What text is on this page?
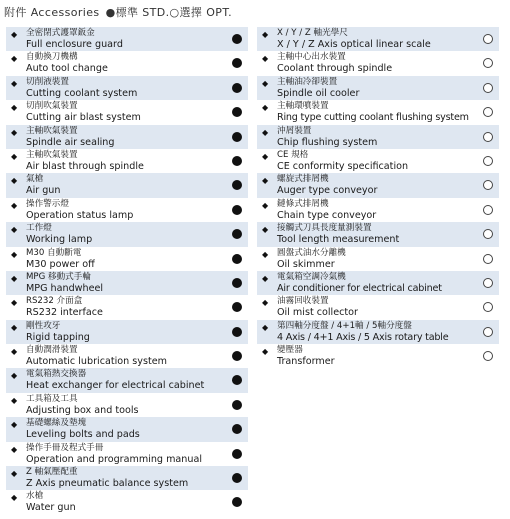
附件 Accessories ● 標準 STD. ○ 選擇 OPT.
◆ 全密閉式護罩鈑金
Full enclosure guard
◆ 自動換刀機構
Auto tool change
◆ 切削液裝置
Cutting coolant system
◆ 切削吹氣裝置
Cutting air blast system
◆ 主軸吹氣裝置
Spindle air sealing
◆ 主軸吹氣裝置
Air blast through spindle
◆ 氣槍
Air gun
◆ 操作警示燈
Operation status lamp
◆ 工作燈
Working lamp
◆ M30 自動斷電
M30 power off
◆ MPG 移動式手輪
MPG handwheel
◆ RS232 介面盒
RS232 interface
◆ 剛性攻牙
Rigid tapping
◆ 自動潤滑裝置
Automatic lubrication system
◆ 電氣箱熱交換器
Heat exchanger for electrical cabinet
◆ 工具箱及工具
Adjusting box and tools
◆ 基礎螺絲及墊塊
Leveling bolts and pads
◆ 操作手冊及程式手冊
Operation and programming manual
◆ Z 軸氣壓配重
Z Axis pneumatic balance system
◆ 水槍
Water gun
◆ X / Y / Z 軸光學尺
X / Y / Z Axis optical linear scale
◆ 主軸中心出水裝置
Coolant through spindle
◆ 主軸油冷卻裝置
Spindle oil cooler
◆ 主軸環噴裝置
Ring type cutting coolant flushing system
◆ 沖屑裝置
Chip flushing system
◆ CE 規格
CE conformity specification
◆ 螺旋式排屑機
Auger type conveyor
◆ 鏈條式排屑機
Chain type conveyor
◆ 接觸式刀具長度量測裝置
Tool length measurement
◆ 圓盤式油水分離機
Oil skimmer
◆ 電氣箱空調冷氣機
Air conditioner for electrical cabinet
◆ 油霧回收裝置
Oil mist collector
◆ 第四軸分度盤 / 4+1軸 / 5軸分度盤
4 Axis / 4+1 Axis / 5 Axis rotary table
◆ 變壓器
Transformer
